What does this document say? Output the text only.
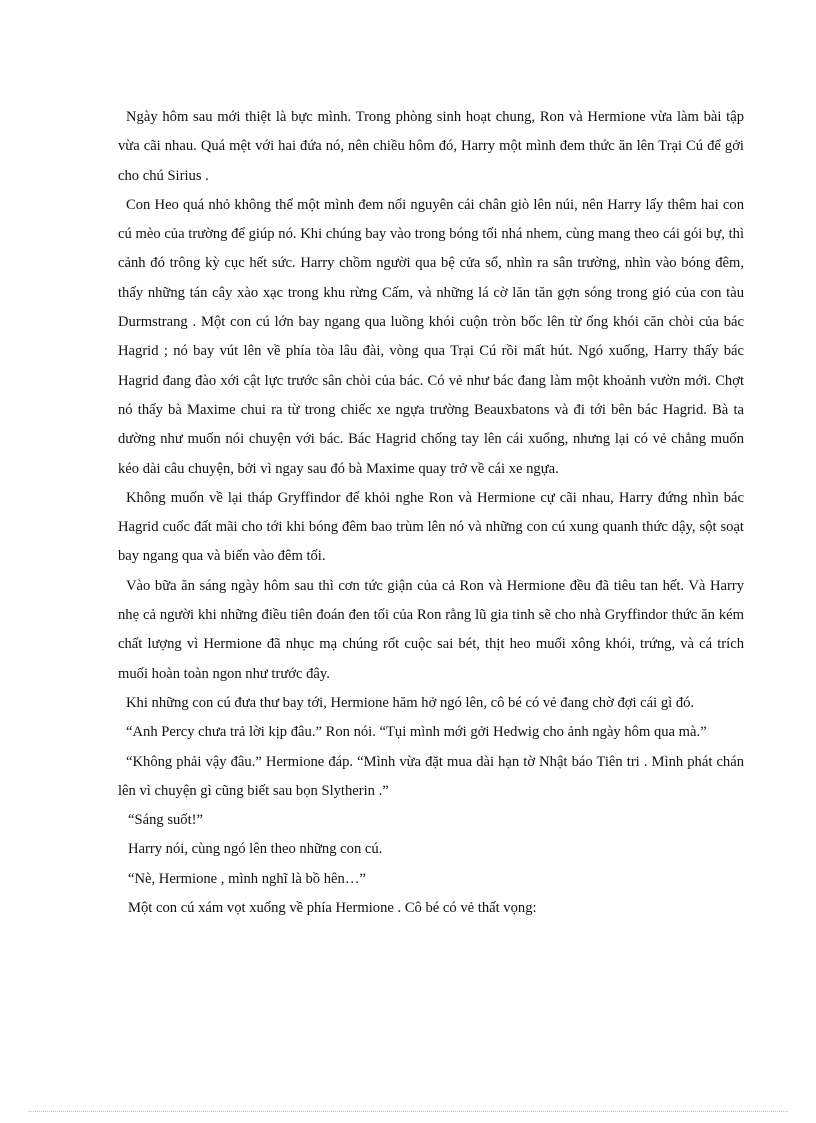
Ngày hôm sau mới thiệt là bực mình. Trong phòng sinh hoạt chung, Ron và Hermione vừa làm bài tập vừa cãi nhau. Quá mệt với hai đứa nó, nên chiều hôm đó, Harry một mình đem thức ăn lên Trại Cú để gởi cho chú Sirius .

Con Heo quá nhỏ không thể một mình đem nổi nguyên cái chân giò lên núi, nên Harry lấy thêm hai con cú mèo của trường để giúp nó. Khi chúng bay vào trong bóng tối nhá nhem, cùng mang theo cái gói bự, thì cảnh đó trông kỳ cục hết sức. Harry chồm người qua bệ cửa sổ, nhìn ra sân trường, nhìn vào bóng đêm, thấy những tán cây xào xạc trong khu rừng Cấm, và những lá cờ lăn tăn gợn sóng trong gió của con tàu Durmstrang . Một con cú lớn bay ngang qua luồng khói cuộn tròn bốc lên từ ống khói căn chòi của bác Hagrid ; nó bay vút lên về phía tòa lâu đài, vòng qua Trại Cú rồi mất hút. Ngó xuống, Harry thấy bác Hagrid đang đào xới cật lực trước sân chòi của bác. Có vẻ như bác đang làm một khoảnh vườn mới. Chợt nó thấy bà Maxime chui ra từ trong chiếc xe ngựa trường Beauxbatons và đi tới bên bác Hagrid. Bà ta dường như muốn nói chuyện với bác. Bác Hagrid chống tay lên cái xuổng, nhưng lại có vẻ chẳng muốn kéo dài câu chuyện, bởi vì ngay sau đó bà Maxime quay trở về cái xe ngựa.

Không muốn về lại tháp Gryffindor để khỏi nghe Ron và Hermione cự cãi nhau, Harry đứng nhìn bác Hagrid cuốc đất mãi cho tới khi bóng đêm bao trùm lên nó và những con cú xung quanh thức dậy, sột soạt bay ngang qua và biến vào đêm tối.

Vào bữa ăn sáng ngày hôm sau thì cơn tức giận của cả Ron và Hermione đều đã tiêu tan hết. Và Harry nhẹ cả người khi những điều tiên đoán đen tối của Ron rằng lũ gia tinh sẽ cho nhà Gryffindor thức ăn kém chất lượng vì Hermione đã nhục mạ chúng rốt cuộc sai bét, thịt heo muối xông khói, trứng, và cá trích muối hoàn toàn ngon như trước đây.

Khi những con cú đưa thư bay tới, Hermione hăm hở ngó lên, cô bé có vẻ đang chờ đợi cái gì đó.

“Anh Percy chưa trả lời kịp đâu.” Ron nói. “Tụi mình mới gởi Hedwig cho ảnh ngày hôm qua mà.”

“Không phải vậy đâu.” Hermione đáp. “Mình vừa đặt mua dài hạn tờ Nhật báo Tiên tri . Mình phát chán lên vì chuyện gì cũng biết sau bọn Slytherin .”

“Sáng suốt!”

Harry nói, cùng ngó lên theo những con cú.

“Nè, Hermione , mình nghĩ là bồ hên…”

Một con cú xám vọt xuống về phía Hermione . Cô bé có vẻ thất vọng:
